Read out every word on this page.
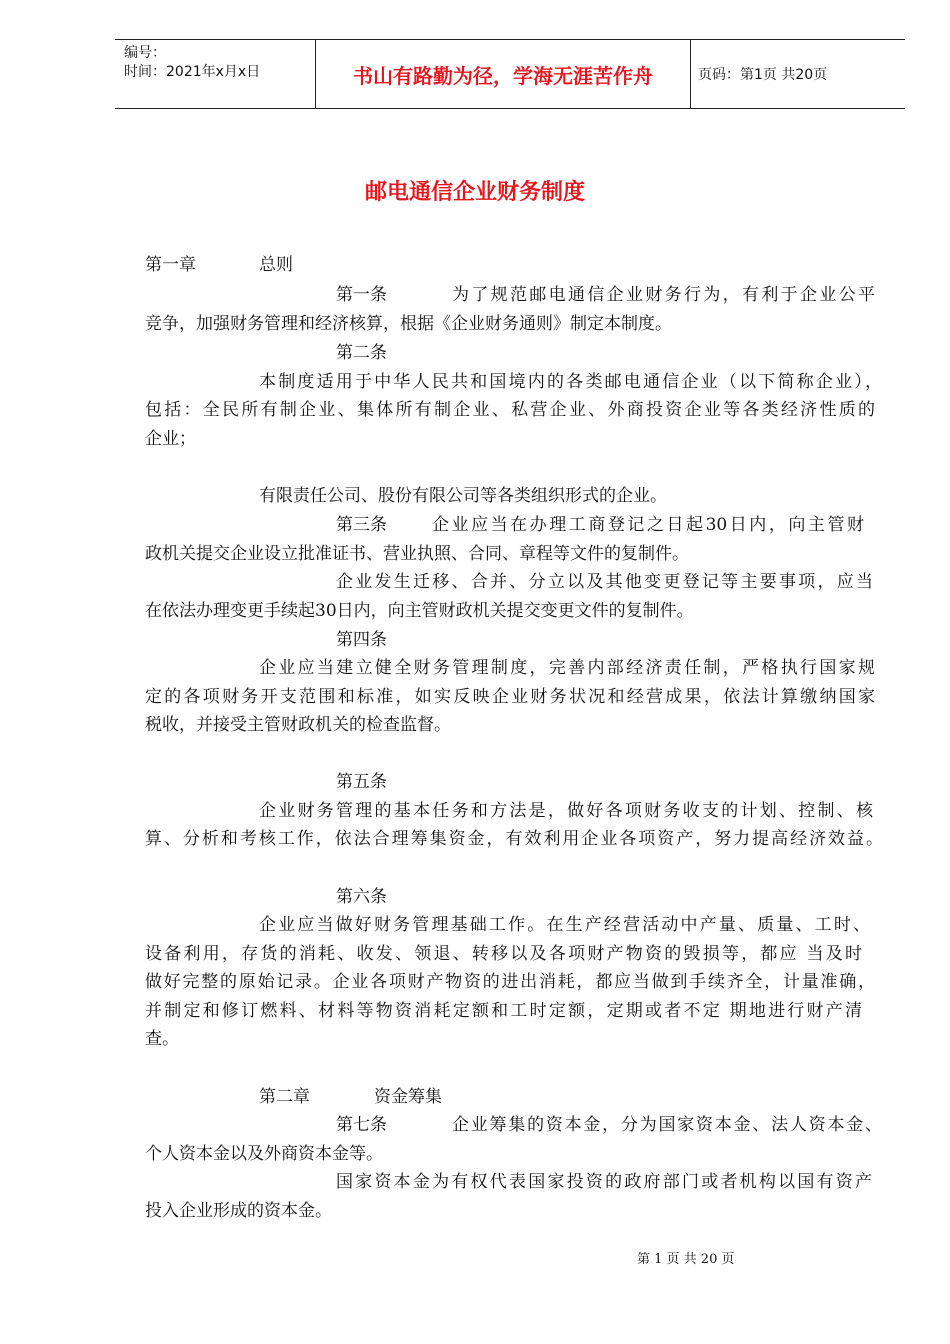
编号：
时间：2021年x月x日	书山有路勤为径，学海无涯苦作舟	页码：第1页 共20页
邮电通信企业财务制度
第一章	总则
第一条	为了规范邮电通信企业财务行为，有利于企业公平
竞争，加强财务管理和经济核算，根据《企业财务通则》制定本制度。
第二条
本制度适用于中华人民共和国境内的各类邮电通信企业（以下简称企业），
包括：全民所有制企业、集体所有制企业、私营企业、外商投资企业等各类经济性质的
企业；
有限责任公司、股份有限公司等各类组织形式的企业。
第三条	企业应当在办理工商登记之日起30日内，向主管财
政机关提交企业设立批准证书、营业执照、合同、章程等文件的复制件。
企业发生迁移、合并、分立以及其他变更登记等主要事项，应当
在依法办理变更手续起30日内，向主管财政机关提交变更文件的复制件。
第四条
企业应当建立健全财务管理制度，完善内部经济责任制，严格执行国家规
定的各项财务开支范围和标准，如实反映企业财务状况和经营成果，依法计算缴纳国家
税收，并接受主管财政机关的检查监督。
第五条
企业财务管理的基本任务和方法是，做好各项财务收支的计划、控制、核
算、分析和考核工作，依法合理筹集资金，有效利用企业各项资产，努力提高经济效益。
第六条
企业应当做好财务管理基础工作。在生产经营活动中产量、质量、工时、
设备利用，存货的消耗、收发、领退、转移以及各项财产物资的毁损等，都应 当及时
做好完整的原始记录。企业各项财产物资的进出消耗，都应当做到手续齐全，计量准确，
并制定和修订燃料、材料等物资消耗定额和工时定额，定期或者不定 期地进行财产清
查。
第二章	资金筹集
第七条	企业筹集的资本金，分为国家资本金、法人资本金、
个人资本金以及外商资本金等。
国家资本金为有权代表国家投资的政府部门或者机构以国有资产
投入企业形成的资本金。
第 1 页 共 20 页
